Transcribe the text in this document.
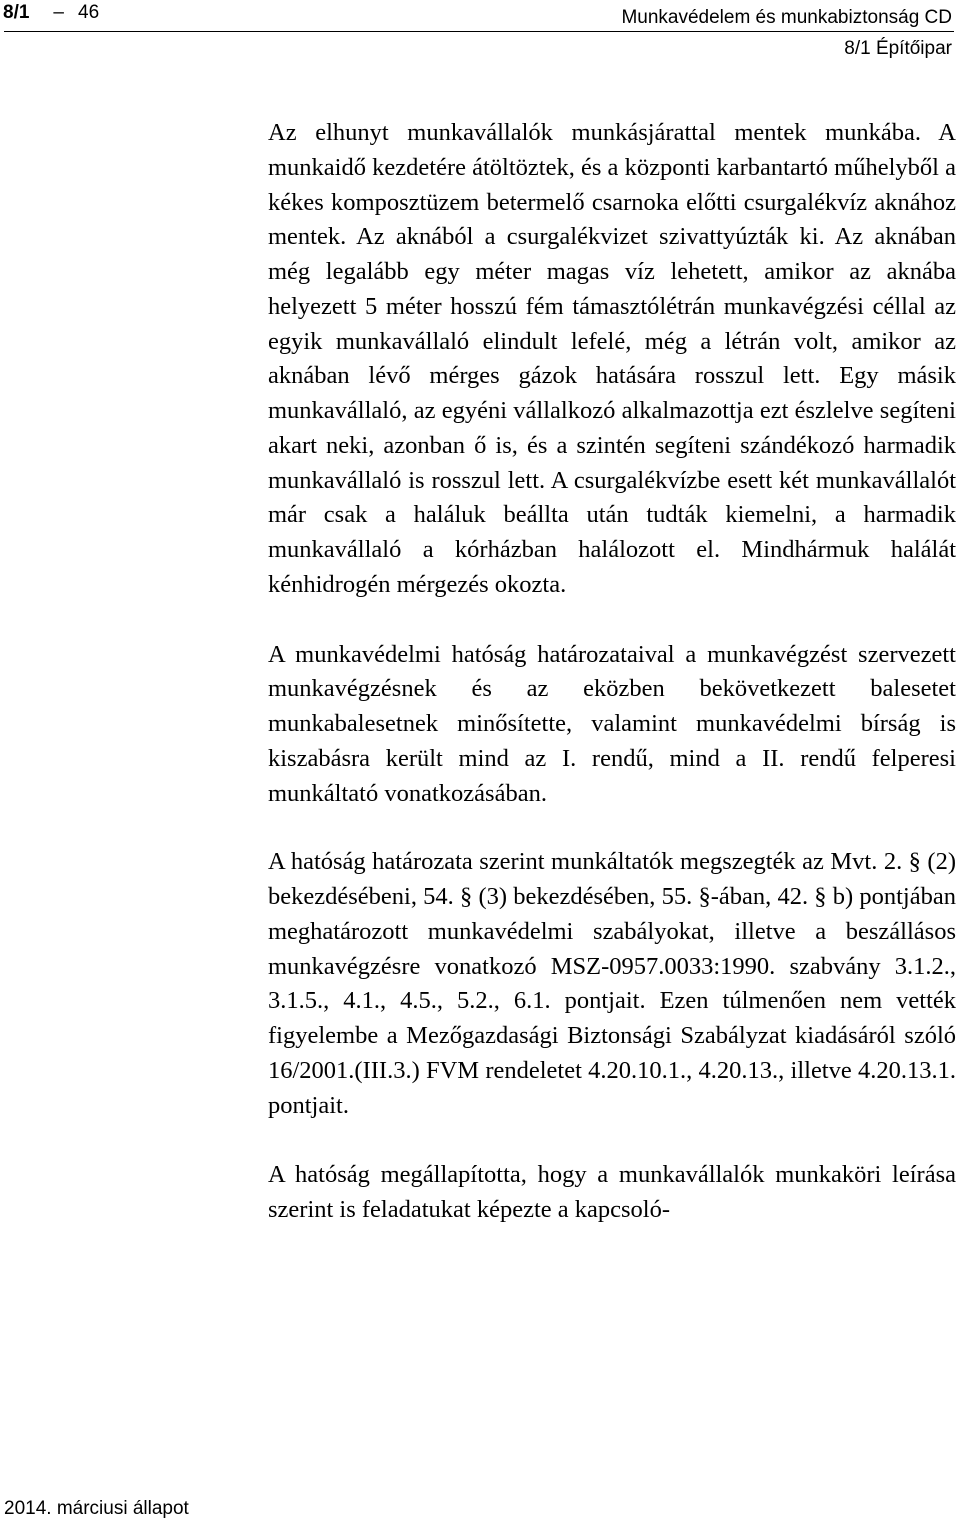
8/1 – 46	Munkavédelem és munkabiztonság CD
8/1 Építőipar

Az elhunyt munkavállalók munkásjárattal mentek munkába. A munkaidő kezdetére átöltöztek, és a központi karbantartó műhelyből a kékes komposztüzem betermelő csarnoka előtti csurgalékvíz aknához mentek. Az aknából a csurgalékvizet szivattyúzták ki. Az aknában még legalább egy méter magas víz lehetett, amikor az aknába helyezett 5 méter hosszú fém támasztólétrán munkavégzési céllal az egyik munkavállaló elindult lefelé, még a létrán volt, amikor az aknában lévő mérges gázok hatására rosszul lett. Egy másik munkavállaló, az egyéni vállalkozó alkalmazottja ezt észlelve segíteni akart neki, azonban ő is, és a szintén segíteni szándékozó harmadik munkavállaló is rosszul lett. A csurgalékvízbe esett két munkavállalót már csak a haláluk beállta után tudták kiemelni, a harmadik munkavállaló a kórházban halálozott el. Mindhármuk halálát kénhidrogén mérgezés okozta.

A munkavédelmi hatóság határozataival a munkavégzést szervezett munkavégzésnek és az eközben bekövetkezett balesetet munkabalesetnek minősítette, valamint munkavédelmi bírság is kiszabásra került mind az I. rendű, mind a II. rendű felperesi munkáltató vonatkozásában.

A hatóság határozata szerint munkáltatók megszegték az Mvt. 2. § (2) bekezdésébeni, 54. § (3) bekezdésében, 55. §-ában, 42. § b) pontjában meghatározott munkavédelmi szabályokat, illetve a beszállásos munkavégzésre vonatkozó MSZ-0957.0033:1990. szabvány 3.1.2., 3.1.5., 4.1., 4.5., 5.2., 6.1. pontjait. Ezen túlmenően nem vették figyelembe a Mezőgazdasági Biztonsági Szabályzat kiadásáról szóló 16/2001.(III.3.) FVM rendeletet 4.20.10.1., 4.20.13., illetve 4.20.13.1. pontjait.

A hatóság megállapította, hogy a munkavállalók munkaköri leírása szerint is feladatukat képezte a kapcsoló-

2014. márciusi állapot
